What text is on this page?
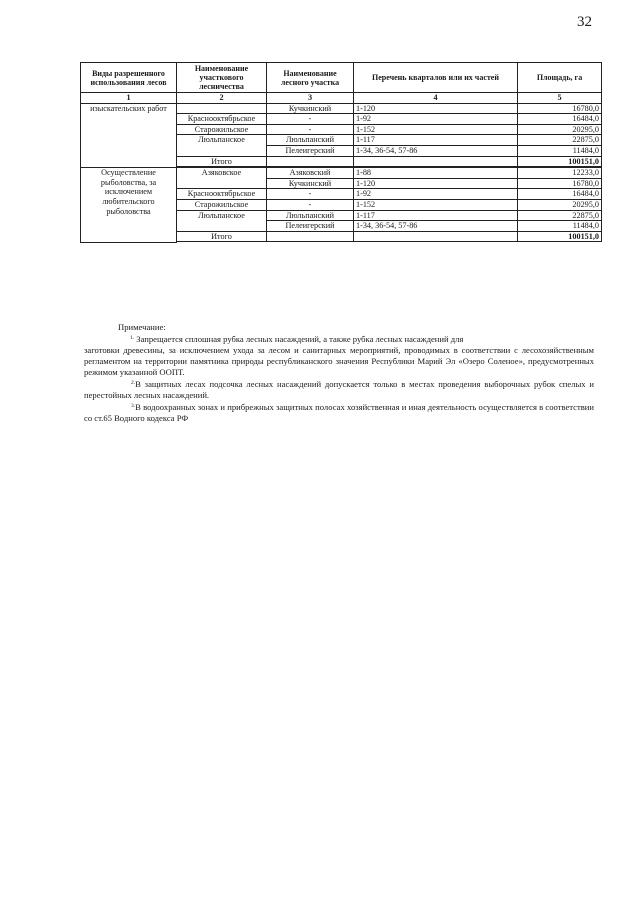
32
Виды разрешенного использования лесов	Наименование участкового лесничества	Наименование лесного участка	Перечень кварталов или их частей	Площадь, га
1	2	3	4	5
изыскательских работ		Кучкинский	1-120	16780,0
	Краснооктябрьское	-	1-92	16484,0
	Старожильское	-	1-152	20295,0
	Люльпанское	Люльпанский	1-117	22875,0
		Пелеигерский	1-34, 36-54, 57-86	11484,0
	Итого			100151,0

Осуществление рыболовства, за исключением любительского рыболовства	Азяковское	Азяковский	1-88	12233,0
		Кучкинский	1-120	16780,0
	Краснооктябрьское	-	1-92	16484,0
	Старожильское	-	1-152	20295,0
	Люльпанское	Люльпанский	1-117	22875,0
		Пелеигерский	1-34, 36-54, 57-86	11484,0
	Итого			100151,0

Примечание:

$^{1.}$ Запрещается сплошная рубка лесных насаждений, а также рубка лесных насаждений для

заготовки древесины, за исключением ухода за лесом и санитарных мероприятий, проводимых в соответствии с лесохозяйственным регламентом на территории памятника природы республиканского значения Республики Марий Эл «Озеро Соленое», предусмотренных режимом указанной ООПТ.

$^{2.}$В защитных лесах подсочка лесных насаждений допускается только в местах проведения выборочных рубок спелых и перестойных лесных насаждений.

$^{3.}$В водоохранных зонах и прибрежных защитных полосах хозяйственная и иная деятельность осуществляется в соответствии со ст.65 Водного кодекса РФ
